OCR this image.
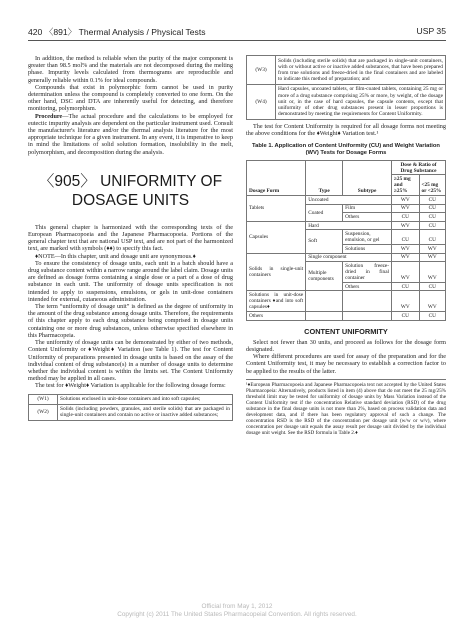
420 〈891〉 Thermal Analysis / Physical Tests	USP 35

In addition, the method is reliable when the purity of the major component is greater than 98.5 mol% and the materials are not decomposed during the melting phase. Impurity levels calculated from thermograms are reproducible and generally reliable within 0.1% for ideal compounds.

Compounds that exist in polymorphic form cannot be used in purity determination unless the compound is completely converted to one form. On the other hand, DSC and DTA are inherently useful for detecting, and therefore monitoring, polymorphism.

Procedure—The actual procedure and the calculations to be employed for eutectic impurity analysis are dependent on the particular instrument used. Consult the manufacturer's literature and/or the thermal analysis literature for the most appropriate technique for a given instrument. In any event, it is imperative to keep in mind the limitations of solid solution formation, insolubility in the melt, polymorphism, and decomposition during the analysis.

〈905〉 UNIFORMITY OF DOSAGE UNITS

This general chapter is harmonized with the corresponding texts of the European Pharmacopoeia and the Japanese Pharmacopoeia. Portions of the general chapter text that are national USP text, and are not part of the harmonized text, are marked with symbols (♦♦) to specify this fact.

♦NOTE—In this chapter, unit and dosage unit are synonymous.♦

To ensure the consistency of dosage units, each unit in a batch should have a drug substance content within a narrow range around the label claim. Dosage units are defined as dosage forms containing a single dose or a part of a dose of drug substance in each unit. The uniformity of dosage units specification is not intended to apply to suspensions, emulsions, or gels in unit-dose containers intended for external, cutaneous administration.

The term “uniformity of dosage unit” is defined as the degree of uniformity in the amount of the drug substance among dosage units. Therefore, the requirements of this chapter apply to each drug substance being comprised in dosage units containing one or more drug substances, unless otherwise specified elsewhere in this Pharmacopeia.

The uniformity of dosage units can be demonstrated by either of two methods, Content Uniformity or ♦Weight♦ Variation (see Table 1). The test for Content Uniformity of preparations presented in dosage units is based on the assay of the individual content of drug substance(s) in a number of dosage units to determine whether the individual content is within the limits set. The Content Uniformity method may be applied in all cases.

The test for ♦Weight♦ Variation is applicable for the following dosage forms:

(W1)	Solutions enclosed in unit-dose containers and into soft capsules;
(W2)	Solids (including powders, granules, and sterile solids) that are packaged in single-unit containers and contain no active or inactive added substances;
(W3)	Solids (including sterile solids) that are packaged in single-unit containers, with or without active or inactive added substances, that have been prepared from true solutions and freeze-dried in the final containers and are labeled to indicate this method of preparation; and
(W4)	Hard capsules, uncoated tablets, or film-coated tablets, containing 25 mg or more of a drug substance comprising 25% or more, by weight, of the dosage unit or, in the case of hard capsules, the capsule contents, except that uniformity of other drug substances present in lesser proportions is demonstrated by meeting the requirements for Content Uniformity.

The test for Content Uniformity is required for all dosage forms not meeting the above conditions for the ♦Weight♦ Variation test.¹

Table 1. Application of Content Uniformity (CU) and Weight Variation (WV) Tests for Dosage Forms
Dosage Form	Type	Subtype	Dose & Ratio of Drug Substance	
			≥25 mg and ≥25%	<25 mg or <25%
Tablets	Uncoated		WV	CU
	Coated	Film	WV	CU
		Others	CU	CU
Capsules	Hard		WV	CU
	Soft	Suspension, emulsion, or gel	CU	CU
		Solutions	WV	WV
Solids in single-unit containers	Single component		WV	WV
	Multiple components	Solution freeze-dried in final container	WV	WV
		Others	CU	CU
Solutions in unit-dose containers ♦and into soft capsules♦			WV	WV
Others			CU	CU
CONTENT UNIFORMITY

Select not fewer than 30 units, and proceed as follows for the dosage form designated.

Where different procedures are used for assay of the preparation and for the Content Uniformity test, it may be necessary to establish a correction factor to be applied to the results of the latter.

¹♦European Pharmacopoeia and Japanese Pharmacopoeia text not accepted by the United States Pharmacopeia: Alternatively, products listed in item (4) above that do not meet the 25 mg/25% threshold limit may be tested for uniformity of dosage units by Mass Variation instead of the Content Uniformity test if the concentration Relative standard deviation (RSD) of the drug substance in the final dosage units is not more than 2%, based on process validation data and development data, and if there has been regulatory approval of such a change. The concentration RSD is the RSD of the concentration per dosage unit (w/w or w/v), where concentration per dosage unit equals the assay result per dosage unit divided by the individual dosage unit weight. See the RSD formula in Table 2.♦
Official from May 1, 2012
Copyright (c) 2011 The United States Pharmacopeial Convention. All rights reserved.
